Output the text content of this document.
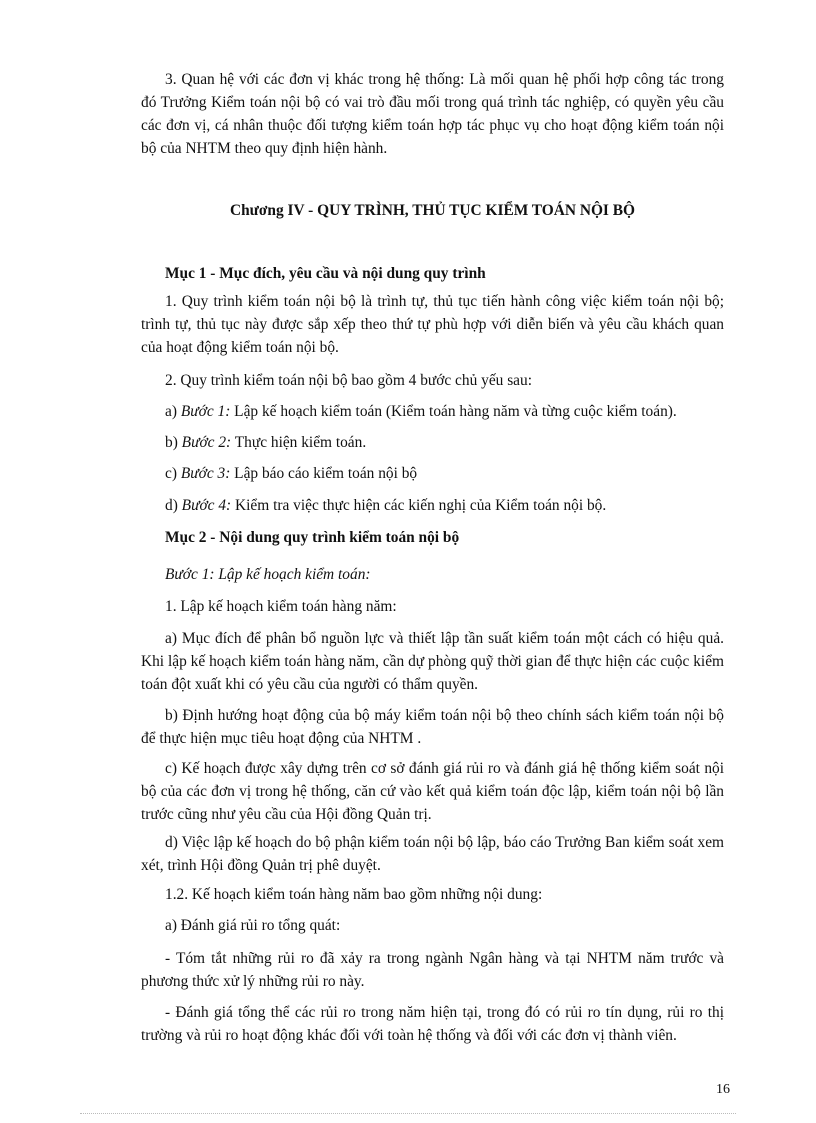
3. Quan hệ với các đơn vị khác trong hệ thống: Là mối quan hệ phối hợp công tác trong đó Trưởng Kiểm toán nội bộ có vai trò đầu mối trong quá trình tác nghiệp, có quyền yêu cầu các đơn vị, cá nhân thuộc đối tượng kiểm toán hợp tác phục vụ cho hoạt động kiểm toán nội bộ của NHTM theo quy định hiện hành.

Chương IV - QUY TRÌNH, THỦ TỤC KIỂM TOÁN NỘI BỘ

Mục 1 - Mục đích, yêu cầu và nội dung quy trình

1. Quy trình kiểm toán nội bộ là trình tự, thủ tục tiến hành công việc kiểm toán nội bộ; trình tự, thủ tục này được sắp xếp theo thứ tự phù hợp với diễn biến và yêu cầu khách quan của hoạt động kiểm toán nội bộ.

2. Quy trình kiểm toán nội bộ bao gồm 4 bước chủ yếu sau:

a) Bước 1: Lập kế hoạch kiểm toán (Kiểm toán hàng năm và từng cuộc kiểm toán).

b) Bước 2: Thực hiện kiểm toán.

c) Bước 3: Lập báo cáo kiểm toán nội bộ

d) Bước 4: Kiểm tra việc thực hiện các kiến nghị của Kiểm toán nội bộ.

Mục 2 - Nội dung quy trình kiểm toán nội bộ

Bước 1: Lập kế hoạch kiểm toán:

1. Lập kế hoạch kiểm toán hàng năm:

a) Mục đích để phân bổ nguồn lực và thiết lập tần suất kiểm toán một cách có hiệu quả. Khi lập kế hoạch kiểm toán hàng năm, cần dự phòng quỹ thời gian để thực hiện các cuộc kiểm toán đột xuất khi có yêu cầu của người có thẩm quyền.

b) Định hướng hoạt động của bộ máy kiểm toán nội bộ theo chính sách kiểm toán nội bộ để thực hiện mục tiêu hoạt động của NHTM .

c) Kế hoạch được xây dựng trên cơ sở đánh giá rủi ro và đánh giá hệ thống kiểm soát nội bộ của các đơn vị trong hệ thống, căn cứ vào kết quả kiểm toán độc lập, kiểm toán nội bộ lần trước cũng như yêu cầu của Hội đồng Quản trị.

d) Việc lập kế hoạch do bộ phận kiểm toán nội bộ lập, báo cáo Trưởng Ban kiểm soát xem xét, trình Hội đồng Quản trị phê duyệt.

1.2. Kế hoạch kiểm toán hàng năm bao gồm những nội dung:

a) Đánh giá rủi ro tổng quát:

- Tóm tắt những rủi ro đã xảy ra trong ngành Ngân hàng và tại NHTM năm trước và phương thức xử lý những rủi ro này.

- Đánh giá tổng thể các rủi ro trong năm hiện tại, trong đó có rủi ro tín dụng, rủi ro thị trường và rủi ro hoạt động khác đối với toàn hệ thống và đối với các đơn vị thành viên.

16
